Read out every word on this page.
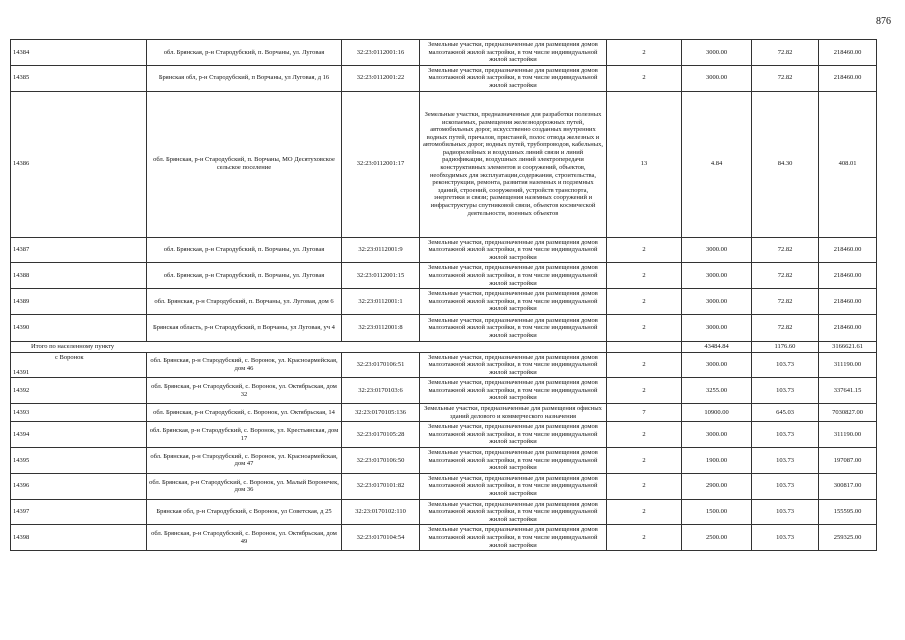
876
14384	обл. Брянская, р-н Стародубский, п. Ворчаны, ул. Луговая	32:23:0112001:16	Земельные участки, предназначенные для размещения домов малоэтажной жилой застройки, в том числе индивидуальной жилой застройки	2	3000.00	72.82	218460.00
14385	Брянская обл, р-н Стародубский, п Ворчаны, ул Луговая, д 16	32:23:0112001:22	Земельные участки, предназначенные для размещения домов малоэтажной жилой застройки, в том числе индивидуальной жилой застройки	2	3000.00	72.82	218460.00
14386	обл. Брянская, р-н Стародубский, п. Ворчаны, МО Десятуховское сельское поселение	32:23:0112001:17	Земельные участки, предназначенные для разработки полезных ископаемых, размещения железнодорожных путей, автомобильных дорог, искусственно созданных внутренних водных путей, причалов, пристаней, полос отвода железных и автомобильных дорог, водных путей, трубопроводов, кабельных, радиорелейных и воздушных линий связи и линий радиофикации, воздушных линий электропередачи конструктивных элементов и сооружений, объектов, необходимых для эксплуатации,содержания, строительства, реконструкции, ремонта, развития наземных и подземных зданий, строений, сооружений, устройств транспорта, энергетики и связи; размещения наземных сооружений и инфраструктуры спутниковой связи, объектов космической деятельности, военных объектов	13	4.84	84.30	408.01
14387	обл. Брянская, р-н Стародубский, п. Ворчаны, ул. Луговая	32:23:0112001:9	Земельные участки, предназначенные для размещения домов малоэтажной жилой застройки, в том числе индивидуальной жилой застройки	2	3000.00	72.82	218460.00
14388	обл. Брянская, р-н Стародубский, п. Ворчаны, ул. Луговая	32:23:0112001:15	Земельные участки, предназначенные для размещения домов малоэтажной жилой застройки, в том числе индивидуальной жилой застройки	2	3000.00	72.82	218460.00
14389	обл. Брянская, р-н Стародубский, п. Ворчаны, ул. Луговая, дом 6	32:23:0112001:1	Земельные участки, предназначенные для размещения домов малоэтажной жилой застройки, в том числе индивидуальной жилой застройки	2	3000.00	72.82	218460.00
14390	Брянская область, р-н Стародубский, п Ворчаны, ул Луговая, уч 4	32:23:0112001:8	Земельные участки, предназначенные для размещения домов малоэтажной жилой застройки, в том числе индивидуальной жилой застройки	2	3000.00	72.82	218460.00
Итого по населенному пункту					43484.84	1176.60	3166621.61

с Воронок
14391	обл. Брянская, р-н Стародубский, с. Воронок, ул. Красноармейская, дом 46	32:23:0170106:51	Земельные участки, предназначенные для размещения домов малоэтажной жилой застройки, в том числе индивидуальной жилой застройки	2	3000.00	103.73	311190.00
14392	обл. Брянская, р-н Стародубский, с. Воронок, ул. Октябрьская, дом 32	32:23:0170103:6	Земельные участки, предназначенные для размещения домов малоэтажной жилой застройки, в том числе индивидуальной жилой застройки	2	3255.00	103.73	337641.15
14393	обл. Брянская, р-н Стародубский, с. Воронок, ул. Октябрьская, 14	32:23:0170105:136	Земельные участки, предназначенные для размещения офисных зданий делового и коммерческого назначения	7	10900.00	645.03	7030827.00
14394	обл. Брянская, р-н Стародубский, с. Воронок, ул. Крестьянская, дом 17	32:23:0170105:28	Земельные участки, предназначенные для размещения домов малоэтажной жилой застройки, в том числе индивидуальной жилой застройки	2	3000.00	103.73	311190.00
14395	обл. Брянская, р-н Стародубский, с. Воронок, ул. Красноармейская, дом 47	32:23:0170106:50	Земельные участки, предназначенные для размещения домов малоэтажной жилой застройки, в том числе индивидуальной жилой застройки	2	1900.00	103.73	197087.00
14396	обл. Брянская, р-н Стародубский, с. Воронок, ул. Малый Воронечек, дом 36	32:23:0170101:82	Земельные участки, предназначенные для размещения домов малоэтажной жилой застройки, в том числе индивидуальной жилой застройки	2	2900.00	103.73	300817.00
14397	Брянская обл, р-н Стародубский, с Воронок, ул Советская, д 25	32:23:0170102:110	Земельные участки, предназначенные для размещения домов малоэтажной жилой застройки, в том числе индивидуальной жилой застройки	2	1500.00	103.73	155595.00
14398	обл. Брянская, р-н Стародубский, с. Воронок, ул. Октябрьская, дом 49	32:23:0170104:54	Земельные участки, предназначенные для размещения домов малоэтажной жилой застройки, в том числе индивидуальной жилой застройки	2	2500.00	103.73	259325.00
